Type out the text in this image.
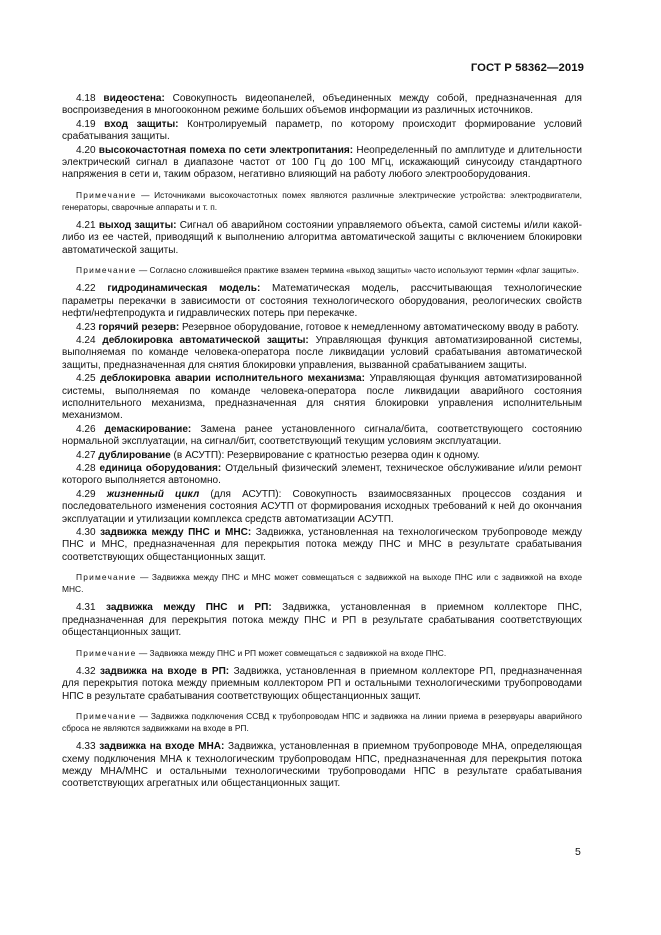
ГОСТ Р 58362—2019

4.18 видеостена: Совокупность видеопанелей, объединенных между собой, предназначенная для воспроизведения в многооконном режиме больших объемов информации из различных источников.

4.19 вход защиты: Контролируемый параметр, по которому происходит формирование условий срабатывания защиты.

4.20 высокочастотная помеха по сети электропитания: Неопределенный по амплитуде и длительности электрический сигнал в диапазоне частот от 100 Гц до 100 МГц, искажающий синусоиду стандартного напряжения в сети и, таким образом, негативно влияющий на работу любого электрооборудования.

Примечание — Источниками высокочастотных помех являются различные электрические устройства: электродвигатели, генераторы, сварочные аппараты и т. п.

4.21 выход защиты: Сигнал об аварийном состоянии управляемого объекта, самой системы и/или какой-либо из ее частей, приводящий к выполнению алгоритма автоматической защиты с включением блокировки автоматической защиты.

Примечание — Согласно сложившейся практике взамен термина «выход защиты» часто используют термин «флаг защиты».

4.22 гидродинамическая модель: Математическая модель, рассчитывающая технологические параметры перекачки в зависимости от состояния технологического оборудования, реологических свойств нефти/нефтепродукта и гидравлических потерь при перекачке.

4.23 горячий резерв: Резервное оборудование, готовое к немедленному автоматическому вводу в работу.

4.24 деблокировка автоматической защиты: Управляющая функция автоматизированной системы, выполняемая по команде человека-оператора после ликвидации условий срабатывания автоматической защиты, предназначенная для снятия блокировки управления, вызванной срабатыванием защиты.

4.25 деблокировка аварии исполнительного механизма: Управляющая функция автоматизированной системы, выполняемая по команде человека-оператора после ликвидации аварийного состояния исполнительного механизма, предназначенная для снятия блокировки управления исполнительным механизмом.

4.26 демаскирование: Замена ранее установленного сигнала/бита, соответствующего состоянию нормальной эксплуатации, на сигнал/бит, соответствующий текущим условиям эксплуатации.

4.27 дублирование (в АСУТП): Резервирование с кратностью резерва один к одному.

4.28 единица оборудования: Отдельный физический элемент, техническое обслуживание и/или ремонт которого выполняется автономно.

4.29 жизненный цикл (для АСУТП): Совокупность взаимосвязанных процессов создания и последовательного изменения состояния АСУТП от формирования исходных требований к ней до окончания эксплуатации и утилизации комплекса средств автоматизации АСУТП.

4.30 задвижка между ПНС и МНС: Задвижка, установленная на технологическом трубопроводе между ПНС и МНС, предназначенная для перекрытия потока между ПНС и МНС в результате срабатывания соответствующих общестанционных защит.

Примечание — Задвижка между ПНС и МНС может совмещаться с задвижкой на выходе ПНС или с задвижкой на входе МНС.

4.31 задвижка между ПНС и РП: Задвижка, установленная в приемном коллекторе ПНС, предназначенная для перекрытия потока между ПНС и РП в результате срабатывания соответствующих общестанционных защит.

Примечание — Задвижка между ПНС и РП может совмещаться с задвижкой на входе ПНС.

4.32 задвижка на входе в РП: Задвижка, установленная в приемном коллекторе РП, предназначенная для перекрытия потока между приемным коллектором РП и остальными технологическими трубопроводами НПС в результате срабатывания соответствующих общестанционных защит.

Примечание — Задвижка подключения ССВД к трубопроводам НПС и задвижка на линии приема в резервуары аварийного сброса не являются задвижками на входе в РП.

4.33 задвижка на входе МНА: Задвижка, установленная в приемном трубопроводе МНА, определяющая схему подключения МНА к технологическим трубопроводам НПС, предназначенная для перекрытия потока между МНА/МНС и остальными технологическими трубопроводами НПС в результате срабатывания соответствующих агрегатных или общестанционных защит.

5
